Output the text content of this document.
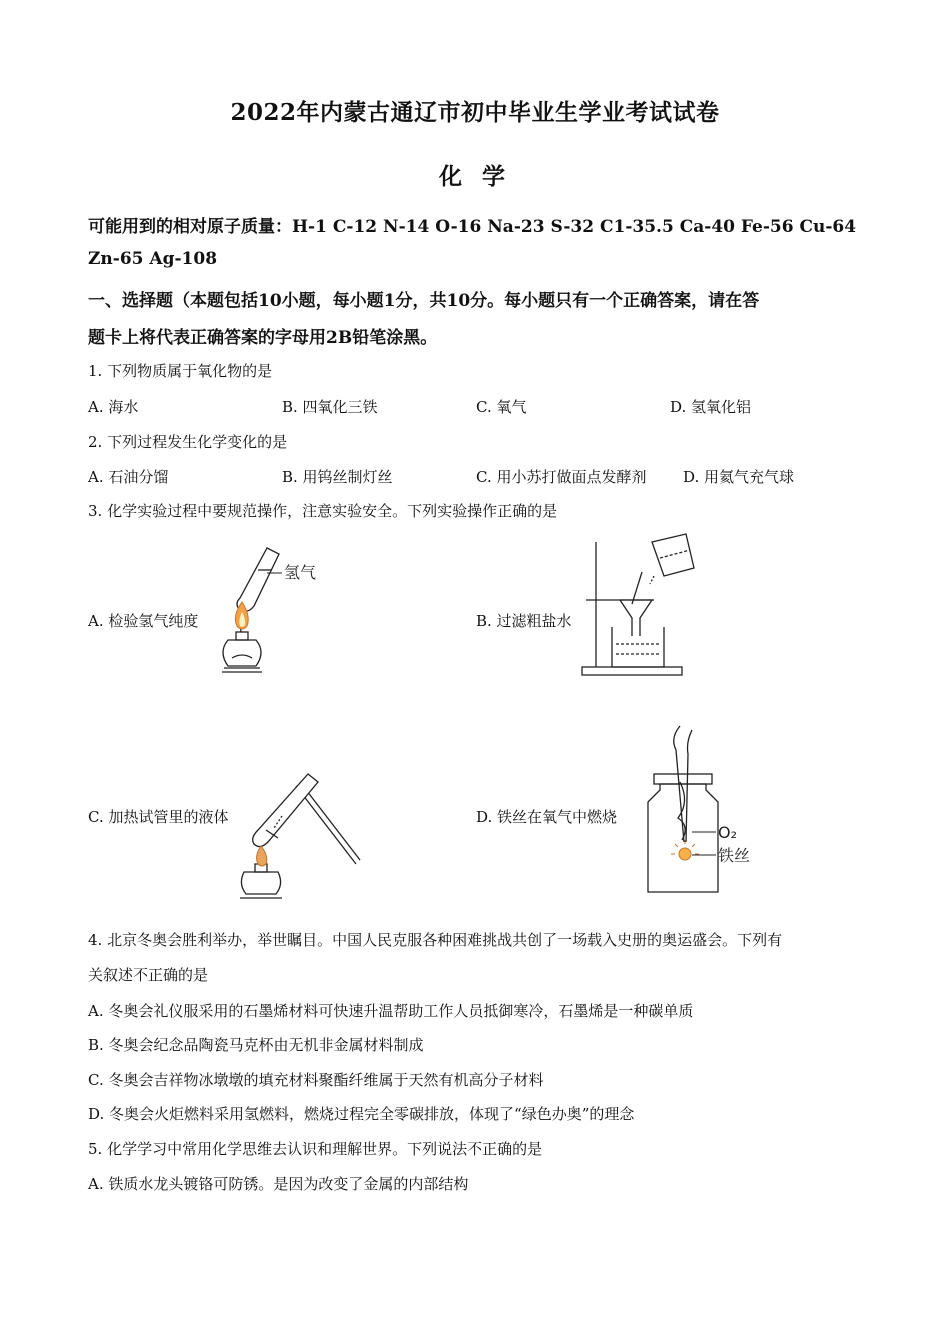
2022年内蒙古通辽市初中毕业生学业考试试卷
化 学
可能用到的相对原子质量：H-1 C-12 N-14 O-16 Na-23 S-32 C1-35.5 Ca-40 Fe-56 Cu-64
Zn-65 Ag-108
一、选择题（本题包括10小题，每小题1分，共10分。每小题只有一个正确答案，请在答
题卡上将代表正确答案的字母用2B铅笔涂黑。
1. 下列物质属于氧化物的是
A. 海水	B. 四氧化三铁	C. 氧气	D. 氢氧化铝
2. 下列过程发生化学变化的是
A. 石油分馏	B. 用钨丝制灯丝	C. 用小苏打做面点发酵剂 D. 用氦气充气球
3. 化学实验过程中要规范操作，注意实验安全。下列实验操作正确的是
A. 检验氢气纯度	B. 过滤粗盐水
C. 加热试管里的液体	D. 铁丝在氧气中燃烧
氢气
O₂
铁丝
4. 北京冬奥会胜利举办，举世瞩目。中国人民克服各种困难挑战共创了一场载入史册的奥运盛会。下列有
关叙述不正确的是
A. 冬奥会礼仪服采用的石墨烯材料可快速升温帮助工作人员抵御寒冷，石墨烯是一种碳单质
B. 冬奥会纪念品陶瓷马克杯由无机非金属材料制成
C. 冬奥会吉祥物冰墩墩的填充材料聚酯纤维属于天然有机高分子材料
D. 冬奥会火炬燃料采用氢燃料，燃烧过程完全零碳排放，体现了“绿色办奥”的理念
5. 化学学习中常用化学思维去认识和理解世界。下列说法不正确的是
A. 铁质水龙头镀铬可防锈。是因为改变了金属的内部结构
